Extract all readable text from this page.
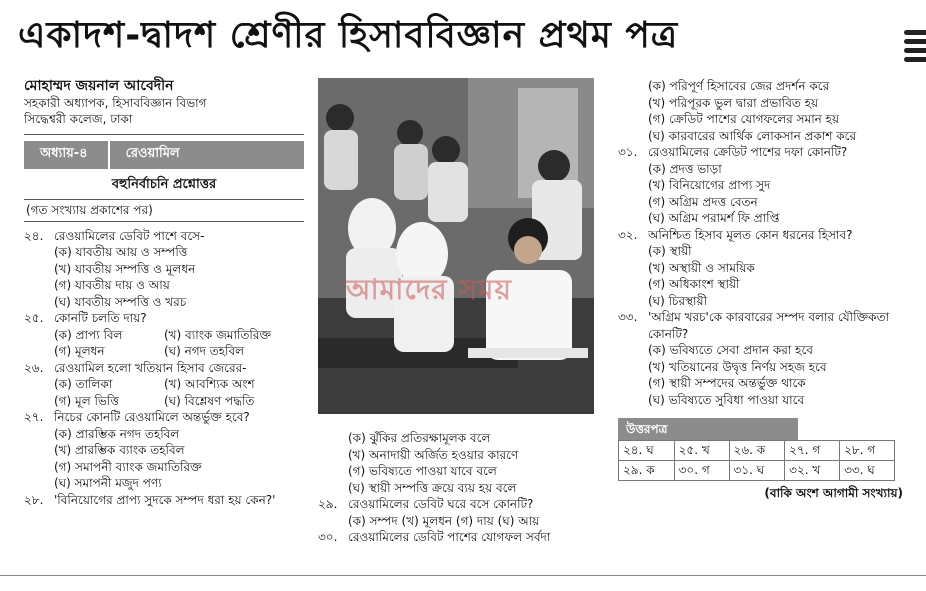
একাদশ-দ্বাদশ শ্রেণীর হিসাববিজ্ঞান প্রথম পত্র
মোহাম্মদ জয়নাল আবেদীন
সহকারী অধ্যাপক, হিসাববিজ্ঞান বিভাগ
সিদ্ধেশ্বরী কলেজ, ঢাকা
অধ্যায়-৪	রেওয়ামিল
বহুনির্বাচনি প্রশ্নোত্তর
(গত সংখ্যায় প্রকাশের পর)
২৪. রেওয়ামিলের ডেবিট পাশে বসে-
(ক) যাবতীয় আয় ও সম্পত্তি
(খ) যাবতীয় সম্পত্তি ও মূলধন
(গ) যাবতীয় দায় ও আয়
(ঘ) যাবতীয় সম্পত্তি ও খরচ
২৫. কোনটি চলতি দায়?
(ক) প্রাপ্য বিল	(খ) ব্যাংক জমাতিরিক্ত
(গ) মূলধন	(ঘ) নগদ তহবিল
২৬. রেওয়ামিল হলো খতিয়ান হিসাব জেরের-
(ক) তালিকা	(খ) আবশ্যিক অংশ
(গ) মূল ভিত্তি	(ঘ) বিশ্লেষণ পদ্ধতি
২৭. নিচের কোনটি রেওয়ামিলে অন্তর্ভুক্ত হবে?
(ক) প্রারম্ভিক নগদ তহবিল
(খ) প্রারম্ভিক ব্যাংক তহবিল
(গ) সমাপনী ব্যাংক জমাতিরিক্ত
(ঘ) সমাপনী মজুদ পণ্য
২৮. 'বিনিয়োগের প্রাপ্য সুদকে সম্পদ ধরা হয় কেন?'
(ক) ঝুঁকির প্রতিরক্ষামূলক বলে
(খ) অনাদায়ী অর্জিত হওয়ার কারণে
(গ) ভবিষ্যতে পাওয়া যাবে বলে
(ঘ) স্থায়ী সম্পত্তি ক্রয়ে ব্যয় হয় বলে
২৯. রেওয়ামিলের ডেবিট ঘরে বসে কোনটি?
(ক) সম্পদ (খ) মূলধন (গ) দায় (ঘ) আয়
৩০. রেওয়ামিলের ডেবিট পাশের যোগফল সর্বদা
আমাদের সময়
(ক) পরিপূর্ণ হিসাবের জের প্রদর্শন করে
(খ) পরিপূরক ভুল দ্বারা প্রভাবিত হয়
(গ) ক্রেডিট পাশের যোগফলের সমান হয়
(ঘ) কারবারের আর্থিক লোকসান প্রকাশ করে
৩১. রেওয়ামিলের ক্রেডিট পাশের দফা কোনটি?
(ক) প্রদত্ত ভাড়া
(খ) বিনিয়োগের প্রাপ্য সুদ
(গ) অগ্রিম প্রদত্ত বেতন
(ঘ) অগ্রিম পরামর্শ ফি প্রাপ্তি
৩২. অনিশ্চিত হিসাব মূলত কোন ধরনের হিসাব?
(ক) স্থায়ী
(খ) অস্থায়ী ও সাময়িক
(গ) অধিকাংশ স্থায়ী
(ঘ) চিরস্থায়ী
৩৩. 'অগ্রিম খরচ'কে কারবারের সম্পদ বলার যৌক্তিকতা কোনটি?
(ক) ভবিষ্যতে সেবা প্রদান করা হবে
(খ) খতিয়ানের উদ্বৃত্ত নির্ণয় সহজ হবে
(গ) স্থায়ী সম্পদের অন্তর্ভুক্ত থাকে
(ঘ) ভবিষ্যতে সুবিধা পাওয়া যাবে
উত্তরপত্র
২৪. ঘ	২৫. খ	২৬. ক	২৭. গ	২৮. গ
২৯. ক	৩০. গ	৩১. ঘ	৩২. খ	৩৩. ঘ
(বাকি অংশ আগামী সংখ্যায়)
